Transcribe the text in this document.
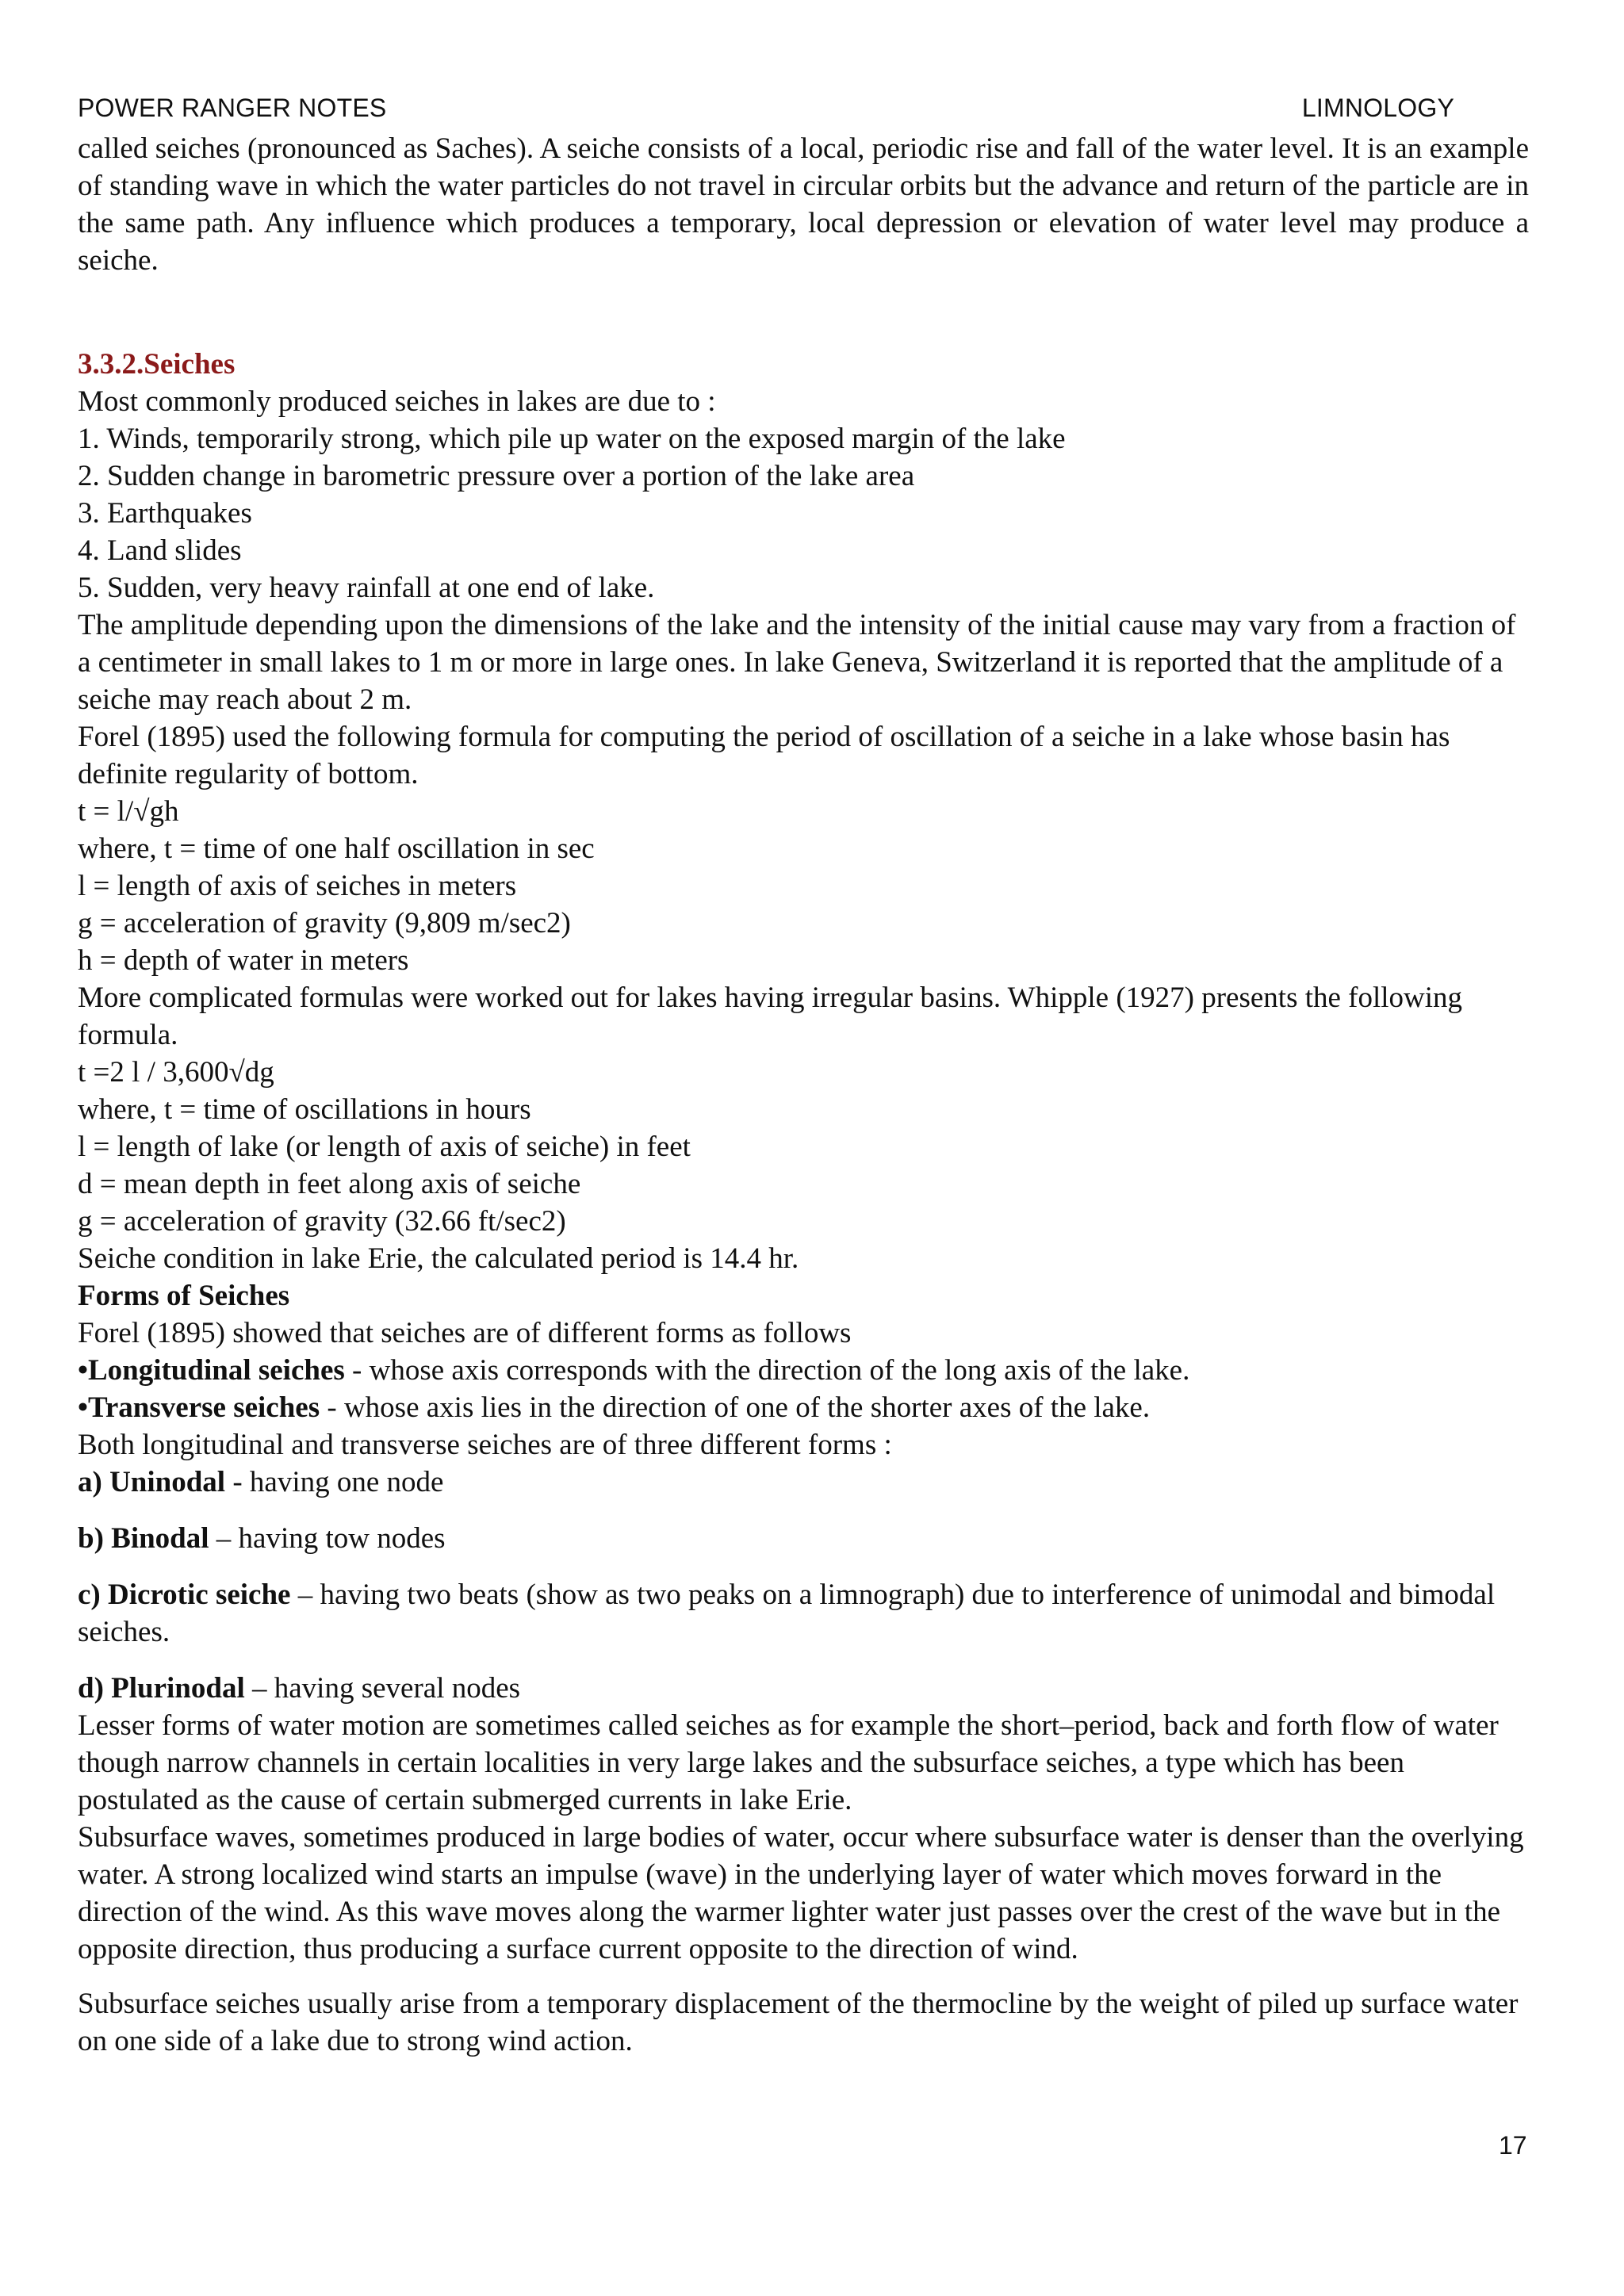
POWER RANGER NOTES	LIMNOLOGY

called seiches (pronounced as Saches). A seiche consists of a local, periodic rise and fall of the water level. It is an example of standing wave in which the water particles do not travel in circular orbits but the advance and return of the particle are in the same path. Any influence which produces a temporary, local depression or elevation of water level may produce a seiche.

3.3.2.Seiches

Most commonly produced seiches in lakes are due to :

1. Winds, temporarily strong, which pile up water on the exposed margin of the lake

2. Sudden change in barometric pressure over a portion of the lake area

3. Earthquakes

4. Land slides

5. Sudden, very heavy rainfall at one end of lake.

The amplitude depending upon the dimensions of the lake and the intensity of the initial cause may vary from a fraction of a centimeter in small lakes to 1 m or more in large ones. In lake Geneva, Switzerland it is reported that the amplitude of a seiche may reach about 2 m.

Forel (1895) used the following formula for computing the period of oscillation of a seiche in a lake whose basin has definite regularity of bottom.

t = l/√gh

where, t = time of one half oscillation in sec

l = length of axis of seiches in meters

g = acceleration of gravity (9,809 m/sec2)

h = depth of water in meters

More complicated formulas were worked out for lakes having irregular basins. Whipple (1927) presents the following formula.

t =2 l / 3,600√dg

where, t = time of oscillations in hours

l = length of lake (or length of axis of seiche) in feet

d = mean depth in feet along axis of seiche

g = acceleration of gravity (32.66 ft/sec2)

Seiche condition in lake Erie, the calculated period is 14.4 hr.

Forms of Seiches

Forel (1895) showed that seiches are of different forms as follows

•Longitudinal seiches - whose axis corresponds with the direction of the long axis of the lake.

•Transverse seiches - whose axis lies in the direction of one of the shorter axes of the lake.

Both longitudinal and transverse seiches are of three different forms :

a) Uninodal - having one node

b) Binodal – having tow nodes

c) Dicrotic seiche – having two beats (show as two peaks on a limnograph) due to interference of unimodal and bimodal seiches.

d) Plurinodal – having several nodes

Lesser forms of water motion are sometimes called seiches as for example the short–period, back and forth flow of water though narrow channels in certain localities in very large lakes and the subsurface seiches, a type which has been postulated as the cause of certain submerged currents in lake Erie.

Subsurface waves, sometimes produced in large bodies of water, occur where subsurface water is denser than the overlying water. A strong localized wind starts an impulse (wave) in the underlying layer of water which moves forward in the direction of the wind. As this wave moves along the warmer lighter water just passes over the crest of the wave but in the opposite direction, thus producing a surface current opposite to the direction of wind.

Subsurface seiches usually arise from a temporary displacement of the thermocline by the weight of piled up surface water on one side of a lake due to strong wind action.

17
